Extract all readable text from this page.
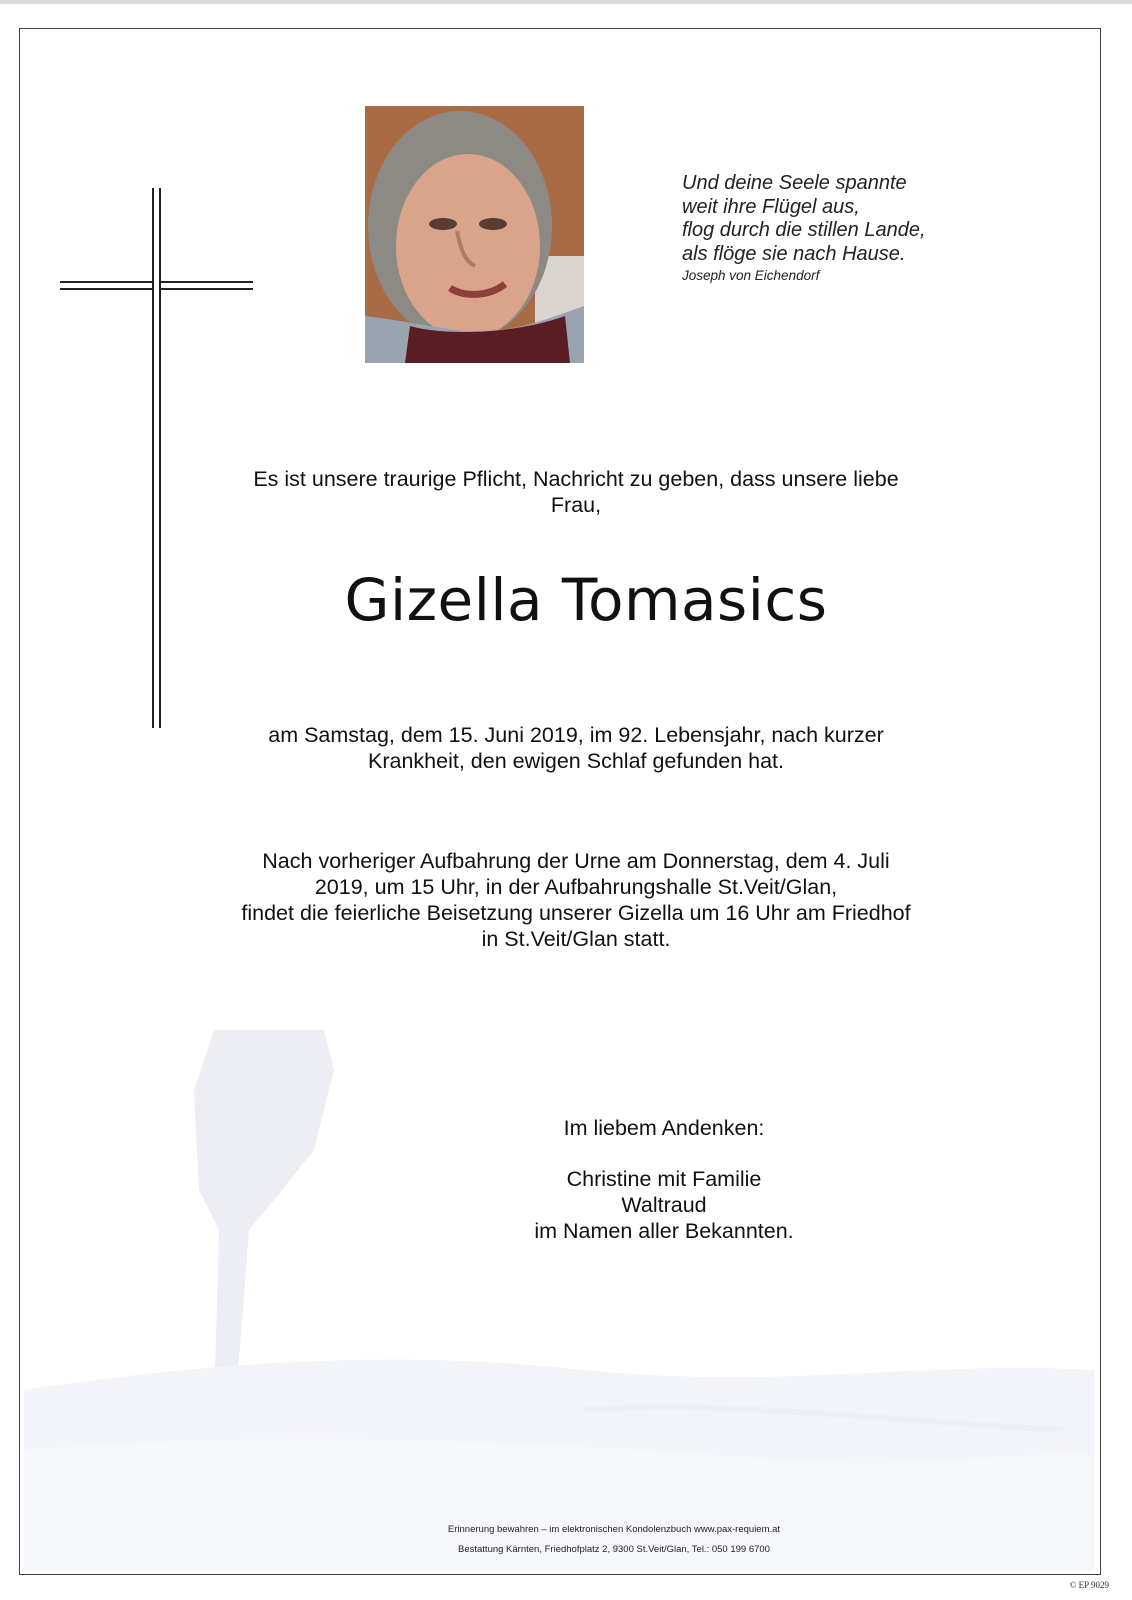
Und deine Seele spannte
weit ihre Flügel aus,
flog durch die stillen Lande,
als flöge sie nach Hause.
Joseph von Eichendorf
Es ist unsere traurige Pflicht, Nachricht zu geben, dass unsere liebe Frau,
Gizella Tomasics
am Samstag, dem 15. Juni 2019, im 92. Lebensjahr, nach kurzer Krankheit, den ewigen Schlaf gefunden hat.
Nach vorheriger Aufbahrung der Urne am Donnerstag, dem 4. Juli
2019, um 15 Uhr, in der Aufbahrungshalle St.Veit/Glan,
findet die feierliche Beisetzung unserer Gizella um 16 Uhr am Friedhof
in St.Veit/Glan statt.
Im liebem Andenken:
Christine mit Familie
Waltraud
im Namen aller Bekannten.
Erinnerung bewahren – im elektronischen Kondolenzbuch www.pax-requiem.at
Bestattung Kärnten, Friedhofplatz 2, 9300 St.Veit/Glan, Tel.: 050 199 6700
© EP 9029
